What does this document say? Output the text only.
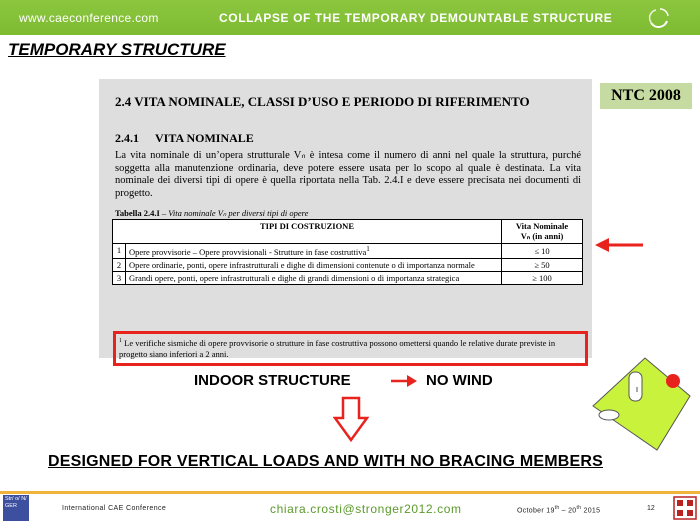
www.caeconference.com	COLLAPSE OF THE TEMPORARY DEMOUNTABLE STRUCTURE
TEMPORARY STRUCTURE
2.4 VITA NOMINALE, CLASSI D’USO E PERIODO DI RIFERIMENTO
2.4.1 VITA NOMINALE
La vita nominale di un’opera strutturale Vₙ è intesa come il numero di anni nel quale la struttura, purché soggetta alla manutenzione ordinaria, deve potere essere usata per lo scopo al quale è destinata. La vita nominale dei diversi tipi di opere è quella riportata nella Tab. 2.4.I e deve essere precisata nei documenti di progetto.
Tabella 2.4.I – Vita nominale Vₙ per diversi tipi di opere
TIPI DI COSTRUZIONE		Vita Nominale
Vₙ (in anni)
1	Opere provvisorie – Opere provvisionali - Strutture in fase costruttiva$^1$	≤ 10
2	Opere ordinarie, ponti, opere infrastrutturali e dighe di dimensioni contenute o di importanza normale	≥ 50
3	Grandi opere, ponti, opere infrastrutturali e dighe di grandi dimensioni o di importanza strategica	≥ 100
$^1$ Le verifiche sismiche di opere provvisorie o strutture in fase costruttiva possono omettersi quando le relative durate previste in progetto siano inferiori a 2 anni.
NTC 2008
INDOOR STRUCTURE	NO WIND
DESIGNED FOR VERTICAL LOADS AND WITH NO BRACING MEMBERS
Str/ o/ N/ GER	International CAE Conference	chiara.crosti@stronger2012.com	October 19th – 20th 2015	12
